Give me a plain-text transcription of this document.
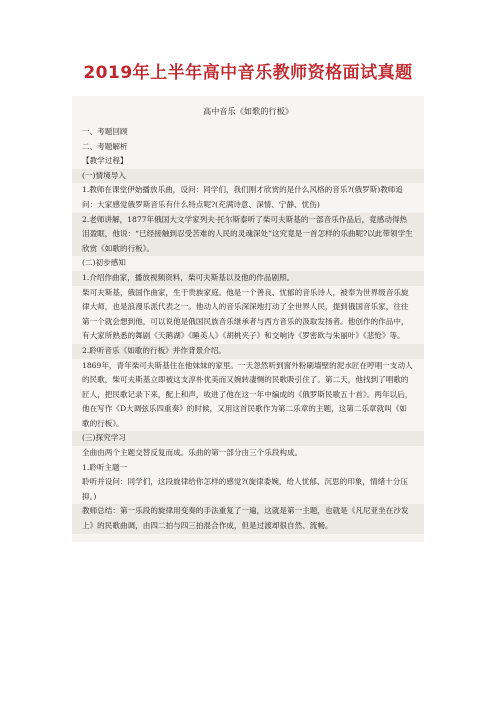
2019年上半年高中音乐教师资格面试真题
高中音乐《如歌的行板》

一、考题回顾

二、考题解析

【教学过程】

(一)情境导入

1.教师在课堂伊始播放乐曲，设问：同学们，我们刚才欣赏的是什么风格的音乐?(俄罗斯)教师追问：大家感觉俄罗斯音乐有什么特点呢?(充满诗意、深情、宁静、忧伤)

2.老师讲解，1877年俄国大文学家列夫·托尔斯泰听了柴可夫斯基的一部音乐作品后，竟感动得热泪盈眶，他说：“已经接触到忍受苦难的人民的灵魂深处”这究竟是一首怎样的乐曲呢?以此带领学生欣赏《如歌的行板》。

(二)初步感知

1.介绍作曲家，播放视频资料，柴可夫斯基以及他的作品剧照。

柴可夫斯基，俄国作曲家，生于贵族家庭。他是一个善良、忧郁的音乐诗人，被奉为世界级音乐旋律大师，也是浪漫乐派代表之一。他动人的音乐深深地打动了全世界人民，提到俄国音乐家，往往第一个就会想到他，可以说他是俄国民族音乐继承者与西方音乐的汲取发扬者。他创作的作品中，有大家所熟悉的舞剧《天鹅湖》《睡美人》《胡桃夹子》和交响诗《罗密欧与朱丽叶》《悲怆》等。

2.聆听音乐《如歌的行板》并作背景介绍。

1869年，青年柴可夫斯基住在他妹妹的家里。一天忽然听到窗外粉刷墙壁的泥水匠在哼唱一支动人的民歌，柴可夫斯基立即被这支淳朴优美而又婉转凄恻的民歌吸引住了。第二天，他找到了唱歌的匠人，把民歌记录下来，配上和声，收进了他在这一年中编成的《俄罗斯民歌五十首》。两年以后，他在写作《D大调弦乐四重奏》的时候，又用这首民歌作为第二乐章的主题，这第二乐章就叫《如歌的行板》。

(三)探究学习

全曲由两个主题交替反复而成。乐曲的第一部分由三个乐段构成。

1.聆听主题一

聆听并设问：同学们，这段旋律给你怎样的感觉?(旋律委婉，给人忧郁、沉思的印象，情绪十分压抑。)

教师总结：第一乐段的旋律用变奏的手法重复了一遍，这就是第一主题，也就是《凡尼亚坐在沙发上》的民歌曲调，由四二拍与四三拍混合作成，但是过渡却很自然、流畅。
